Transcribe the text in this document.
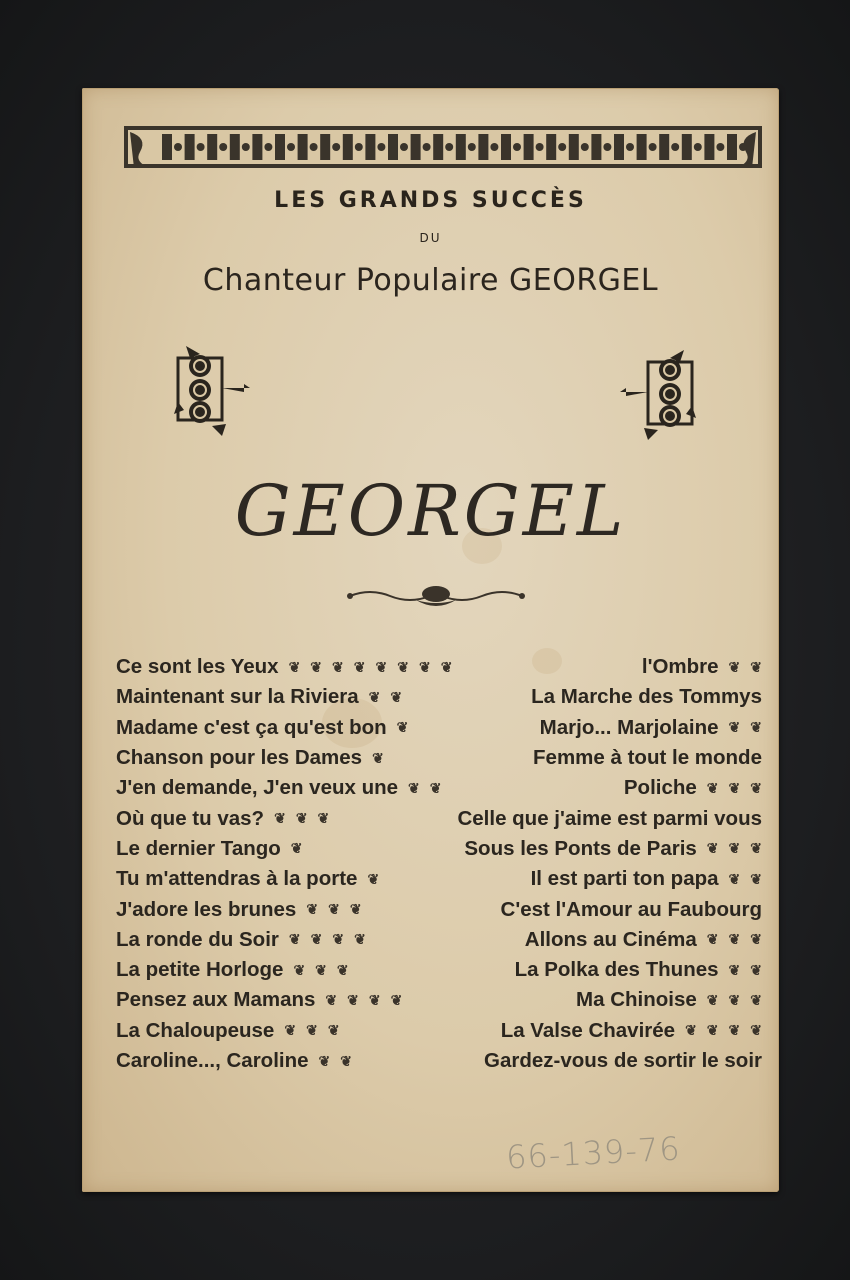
LES GRANDS SUCCÈS
DU
Chanteur Populaire GEORGEL
GEORGEL
Ce sont les Yeux ❦ ❦ ❦ ❦ ❦ ❦ ❦ ❦	l'Ombre ❦ ❦
Maintenant sur la Riviera ❦ ❦	La Marche des Tommys
Madame c'est ça qu'est bon ❦	Marjo... Marjolaine ❦ ❦
Chanson pour les Dames ❦	Femme à tout le monde
J'en demande, J'en veux une ❦ ❦	Poliche ❦ ❦ ❦
Où que tu vas? ❦ ❦ ❦	Celle que j'aime est parmi vous
Le dernier Tango ❦	Sous les Ponts de Paris ❦ ❦ ❦
Tu m'attendras à la porte ❦	Il est parti ton papa ❦ ❦
J'adore les brunes ❦ ❦ ❦	C'est l'Amour au Faubourg
La ronde du Soir ❦ ❦ ❦ ❦	Allons au Cinéma ❦ ❦ ❦
La petite Horloge ❦ ❦ ❦	La Polka des Thunes ❦ ❦
Pensez aux Mamans ❦ ❦ ❦ ❦	Ma Chinoise ❦ ❦ ❦
La Chaloupeuse ❦ ❦ ❦	La Valse Chavirée ❦ ❦ ❦ ❦
Caroline..., Caroline ❦ ❦	Gardez-vous de sortir le soir
66-139-76
